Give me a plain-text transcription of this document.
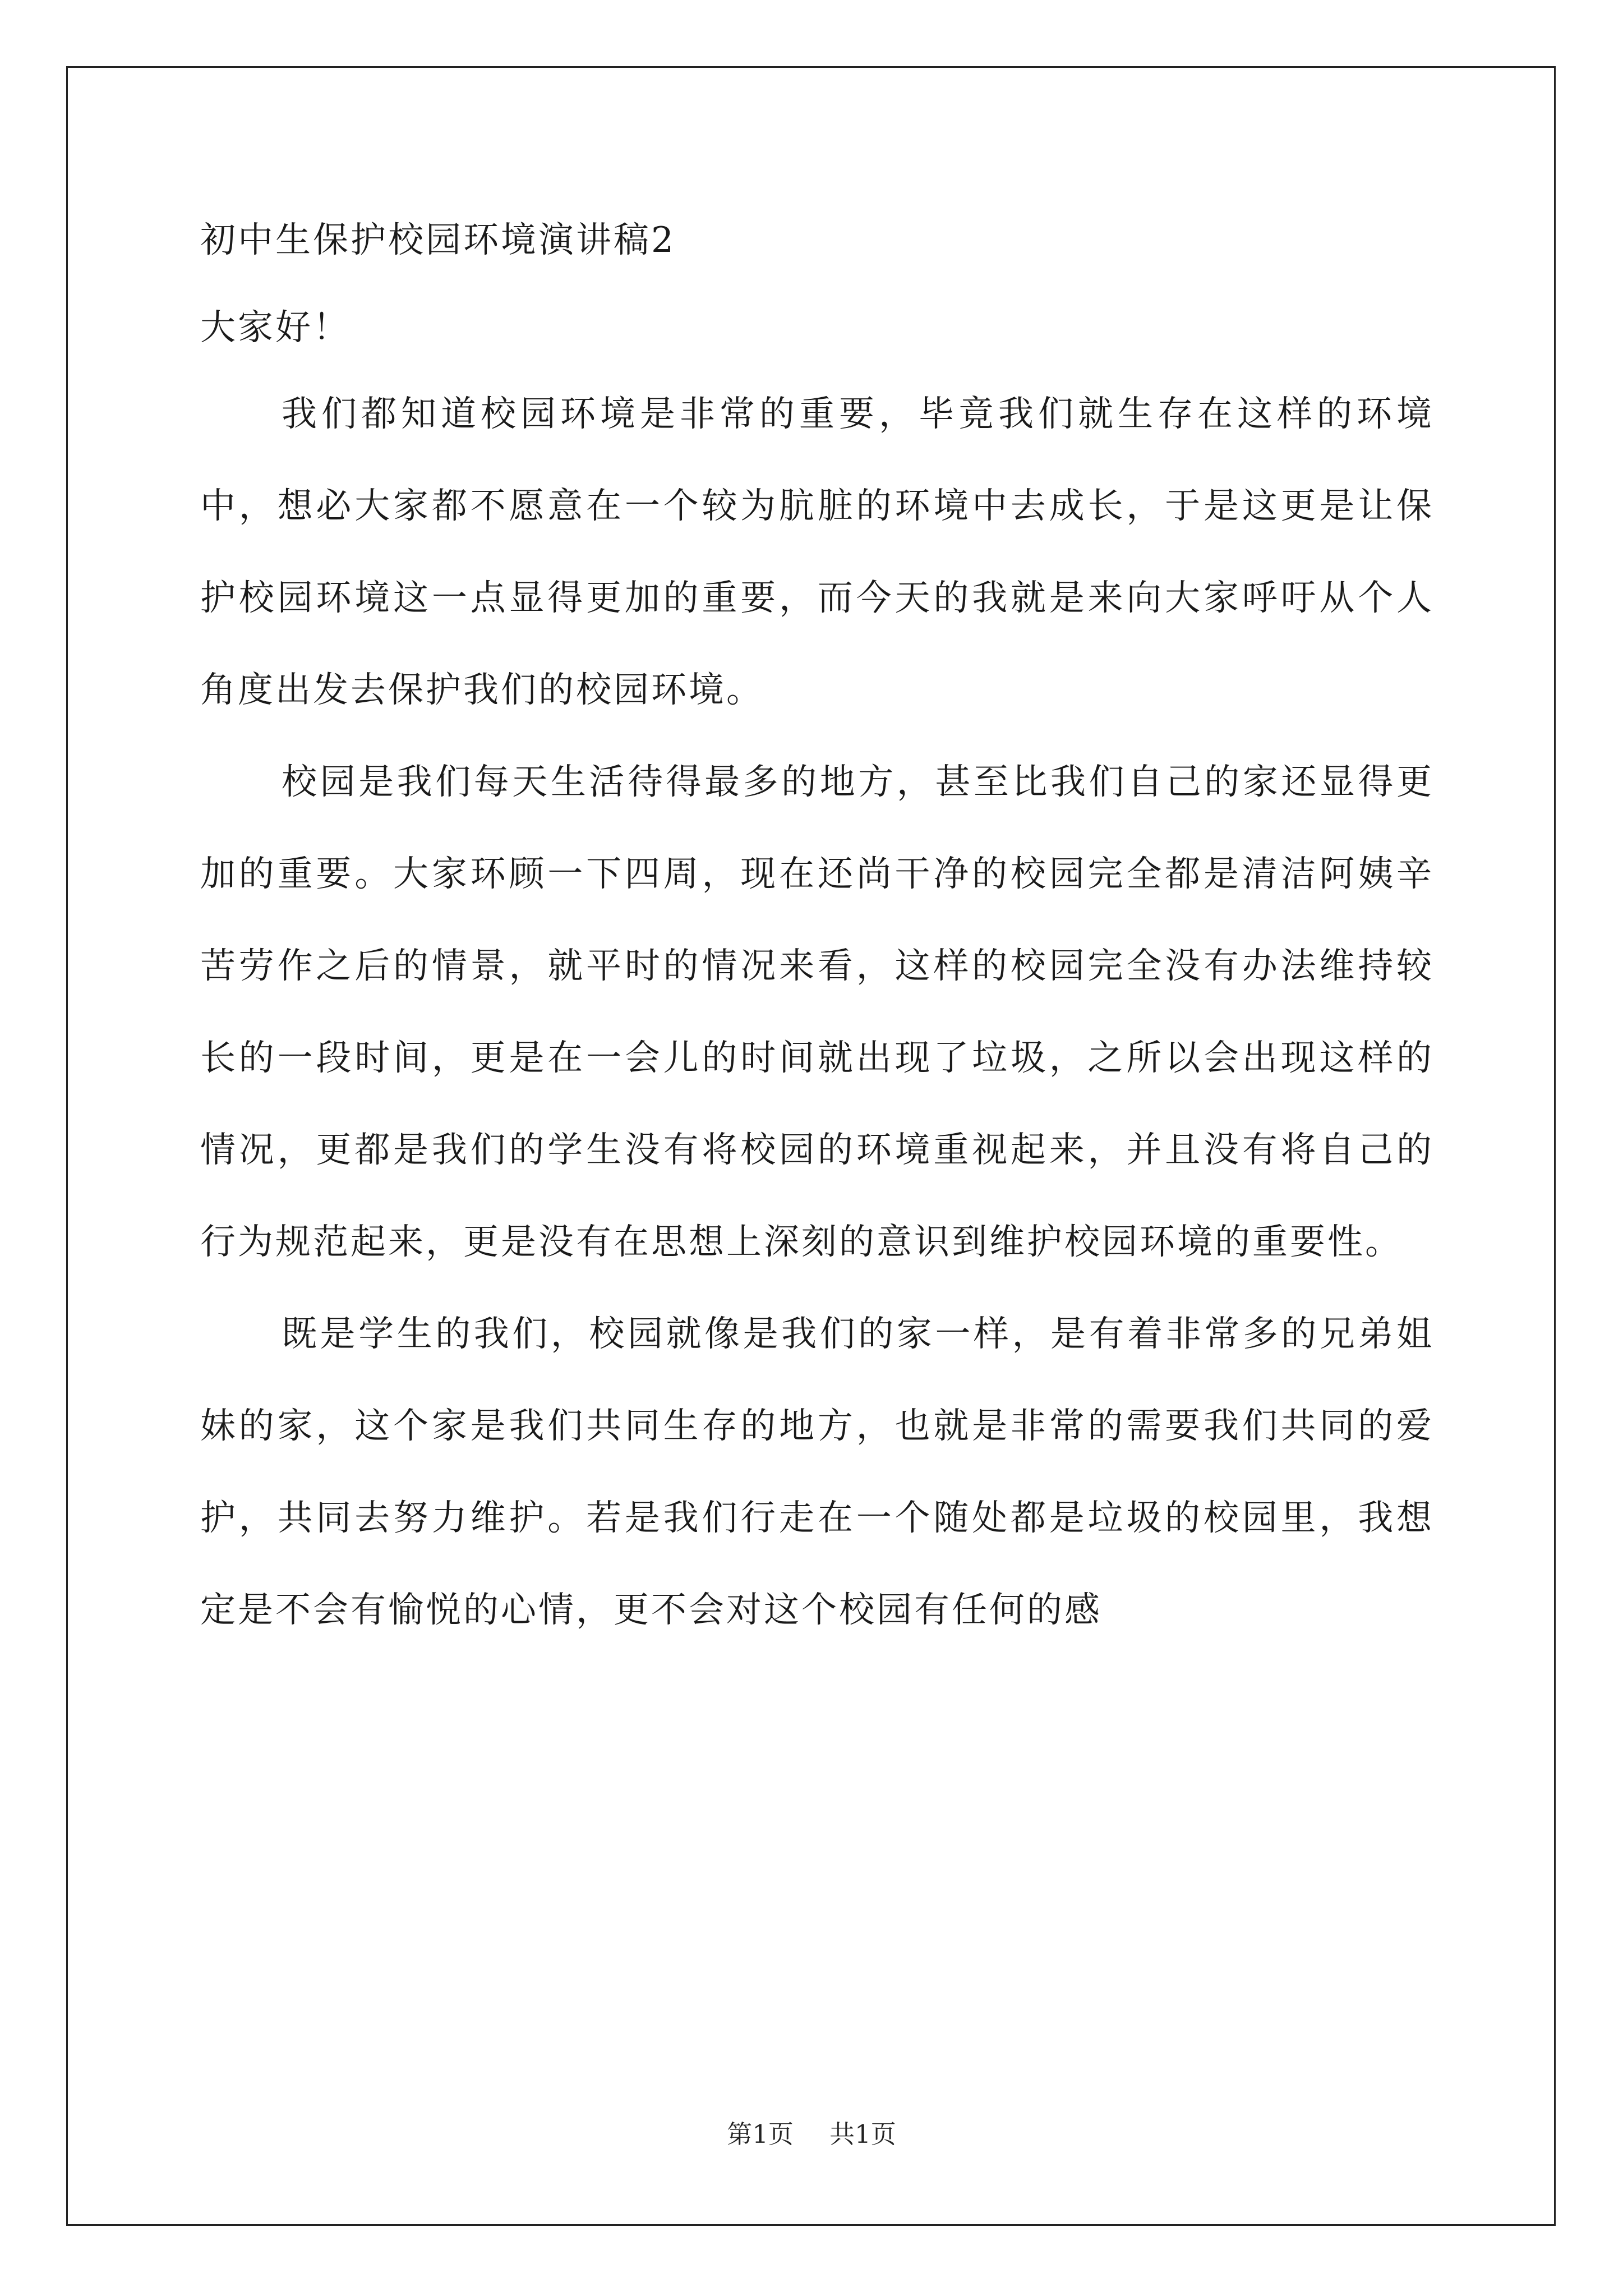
初中生保护校园环境演讲稿2
大家好！

我们都知道校园环境是非常的重要，毕竟我们就生存在这样的环境中，想必大家都不愿意在一个较为肮脏的环境中去成长，于是这更是让保护校园环境这一点显得更加的重要，而今天的我就是来向大家呼吁从个人角度出发去保护我们的校园环境。

校园是我们每天生活待得最多的地方，甚至比我们自己的家还显得更加的重要。大家环顾一下四周，现在还尚干净的校园完全都是清洁阿姨辛苦劳作之后的情景，就平时的情况来看，这样的校园完全没有办法维持较长的一段时间，更是在一会儿的时间就出现了垃圾，之所以会出现这样的情况，更都是我们的学生没有将校园的环境重视起来，并且没有将自己的行为规范起来，更是没有在思想上深刻的意识到维护校园环境的重要性。

既是学生的我们，校园就像是我们的家一样，是有着非常多的兄弟姐妹的家，这个家是我们共同生存的地方，也就是非常的需要我们共同的爱护，共同去努力维护。若是我们行走在一个随处都是垃圾的校园里，我想定是不会有愉悦的心情，更不会对这个校园有任何的感

第1页 共1页
